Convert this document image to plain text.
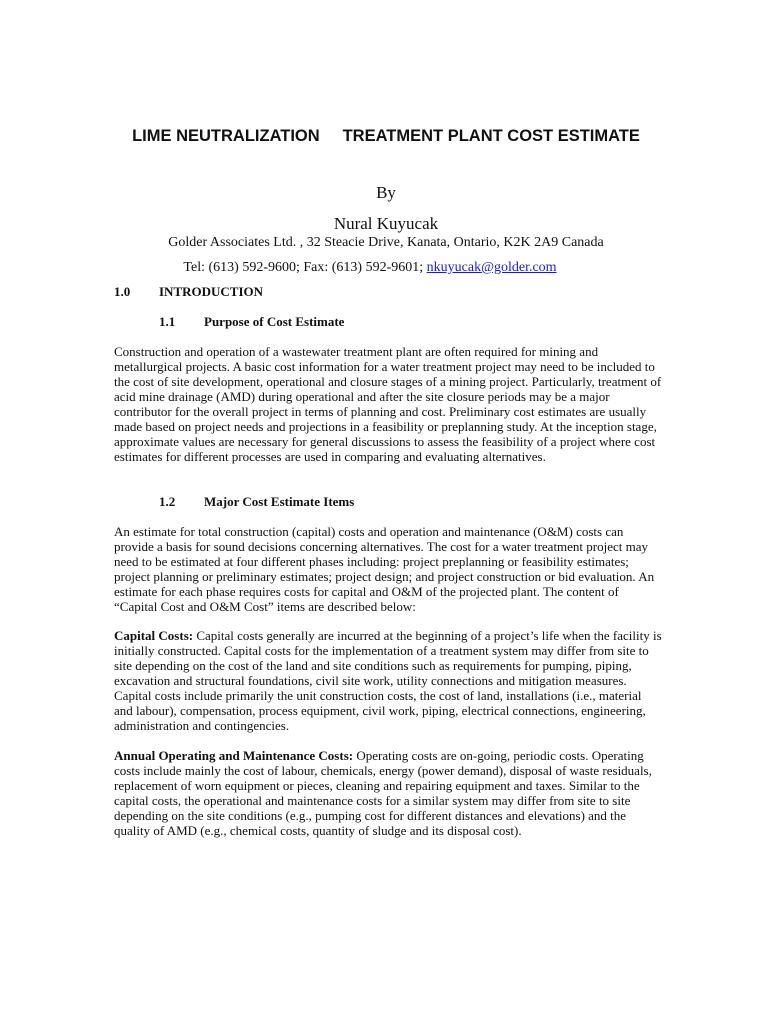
LIME NEUTRALIZATION     TREATMENT PLANT COST ESTIMATE
By
Nural Kuyucak
Golder Associates Ltd. , 32 Steacie Drive, Kanata, Ontario, K2K 2A9 Canada
Tel: (613) 592-9600; Fax: (613) 592-9601; nkuyucak@golder.com
1.0 INTRODUCTION
1.1 Purpose of Cost Estimate

Construction and operation of a wastewater treatment plant are often required for mining and metallurgical projects. A basic cost information for a water treatment project may need to be included to the cost of site development, operational and closure stages of a mining project. Particularly, treatment of acid mine drainage (AMD) during operational and after the site closure periods may be a major contributor for the overall project in terms of planning and cost. Preliminary cost estimates are usually made based on project needs and projections in a feasibility or preplanning study. At the inception stage, approximate values are necessary for general discussions to assess the feasibility of a project where cost estimates for different processes are used in comparing and evaluating alternatives.

1.2 Major Cost Estimate Items

An estimate for total construction (capital) costs and operation and maintenance (O&M) costs can provide a basis for sound decisions concerning alternatives. The cost for a water treatment project may need to be estimated at four different phases including: project preplanning or feasibility estimates; project planning or preliminary estimates; project design; and project construction or bid evaluation. An estimate for each phase requires costs for capital and O&M of the projected plant. The content of “Capital Cost and O&M Cost” items are described below:

Capital Costs: Capital costs generally are incurred at the beginning of a project’s life when the facility is initially constructed. Capital costs for the implementation of a treatment system may differ from site to site depending on the cost of the land and site conditions such as requirements for pumping, piping, excavation and structural foundations, civil site work, utility connections and mitigation measures. Capital costs include primarily the unit construction costs, the cost of land, installations (i.e., material and labour), compensation, process equipment, civil work, piping, electrical connections, engineering, administration and contingencies.

Annual Operating and Maintenance Costs: Operating costs are on-going, periodic costs. Operating costs include mainly the cost of labour, chemicals, energy (power demand), disposal of waste residuals, replacement of worn equipment or pieces, cleaning and repairing equipment and taxes. Similar to the capital costs, the operational and maintenance costs for a similar system may differ from site to site depending on the site conditions (e.g., pumping cost for different distances and elevations) and the quality of AMD (e.g., chemical costs, quantity of sludge and its disposal cost).
